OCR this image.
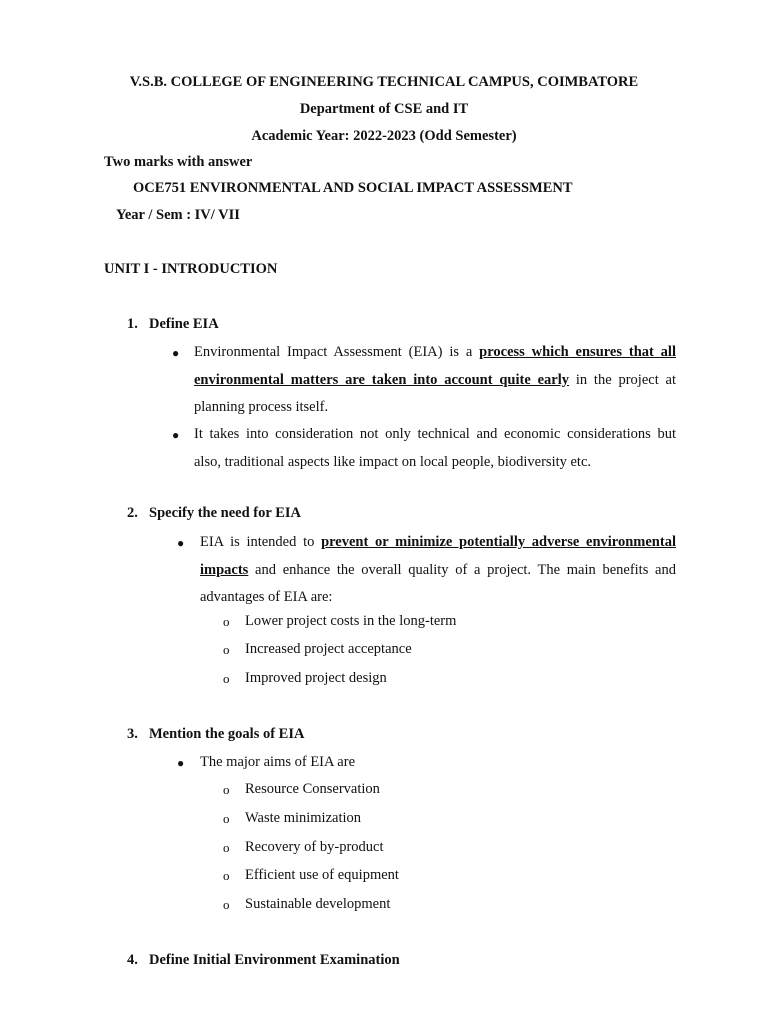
V.S.B. COLLEGE OF ENGINEERING TECHNICAL CAMPUS, COIMBATORE
Department of CSE and IT
Academic Year: 2022-2023 (Odd Semester)
Two marks with answer
OCE751 ENVIRONMENTAL AND SOCIAL IMPACT ASSESSMENT
Year / Sem : IV/ VII
UNIT I - INTRODUCTION
1. Define EIA
● Environmental Impact Assessment (EIA) is a process which ensures that all
environmental matters are taken into account quite early in the project at
planning process itself.
● It takes into consideration not only technical and economic considerations but
also, traditional aspects like impact on local people, biodiversity etc.
2. Specify the need for EIA
● EIA is intended to prevent or minimize potentially adverse environmental
impacts and enhance the overall quality of a project. The main benefits and
advantages of EIA are:
o Lower project costs in the long-term
o Increased project acceptance
o Improved project design
3. Mention the goals of EIA
● The major aims of EIA are
o Resource Conservation
o Waste minimization
o Recovery of by-product
o Efficient use of equipment
o Sustainable development
4. Define Initial Environment Examination
